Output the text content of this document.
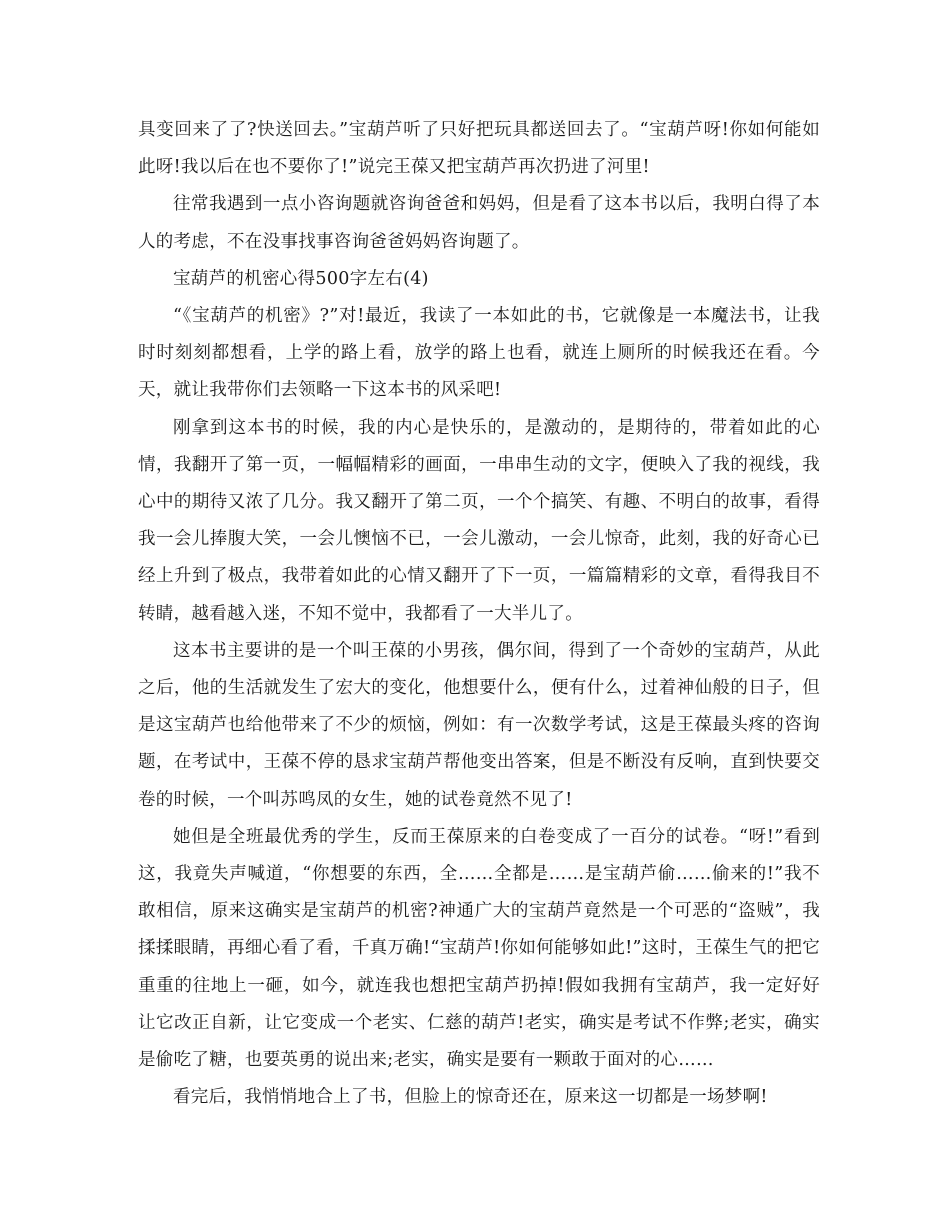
具变回来了了?快送回去。”宝葫芦听了只好把玩具都送回去了。“宝葫芦呀!你如何能如此呀!我以后在也不要你了!”说完王葆又把宝葫芦再次扔进了河里!

往常我遇到一点小咨询题就咨询爸爸和妈妈，但是看了这本书以后，我明白得了本人的考虑，不在没事找事咨询爸爸妈妈咨询题了。

宝葫芦的机密心得500字左右(4)

“《宝葫芦的机密》?”对!最近，我读了一本如此的书，它就像是一本魔法书，让我时时刻刻都想看，上学的路上看，放学的路上也看，就连上厕所的时候我还在看。今天，就让我带你们去领略一下这本书的风采吧!

刚拿到这本书的时候，我的内心是快乐的，是激动的，是期待的，带着如此的心情，我翻开了第一页，一幅幅精彩的画面，一串串生动的文字，便映入了我的视线，我心中的期待又浓了几分。我又翻开了第二页，一个个搞笑、有趣、不明白的故事，看得我一会儿捧腹大笑，一会儿懊恼不已，一会儿激动，一会儿惊奇，此刻，我的好奇心已经上升到了极点，我带着如此的心情又翻开了下一页，一篇篇精彩的文章，看得我目不转睛，越看越入迷，不知不觉中，我都看了一大半儿了。

这本书主要讲的是一个叫王葆的小男孩，偶尔间，得到了一个奇妙的宝葫芦，从此之后，他的生活就发生了宏大的变化，他想要什么，便有什么，过着神仙般的日子，但是这宝葫芦也给他带来了不少的烦恼，例如：有一次数学考试，这是王葆最头疼的咨询题，在考试中，王葆不停的恳求宝葫芦帮他变出答案，但是不断没有反响，直到快要交卷的时候，一个叫苏鸣凤的女生，她的试卷竟然不见了!

她但是全班最优秀的学生，反而王葆原来的白卷变成了一百分的试卷。“呀!”看到这，我竟失声喊道，“你想要的东西，全……全都是……是宝葫芦偷……偷来的!”我不敢相信，原来这确实是宝葫芦的机密?神通广大的宝葫芦竟然是一个可恶的“盗贼”，我揉揉眼睛，再细心看了看，千真万确!“宝葫芦!你如何能够如此!”这时，王葆生气的把它重重的往地上一砸，如今，就连我也想把宝葫芦扔掉!假如我拥有宝葫芦，我一定好好让它改正自新，让它变成一个老实、仁慈的葫芦!老实，确实是考试不作弊;老实，确实是偷吃了糖，也要英勇的说出来;老实，确实是要有一颗敢于面对的心……

看完后，我悄悄地合上了书，但脸上的惊奇还在，原来这一切都是一场梦啊!
